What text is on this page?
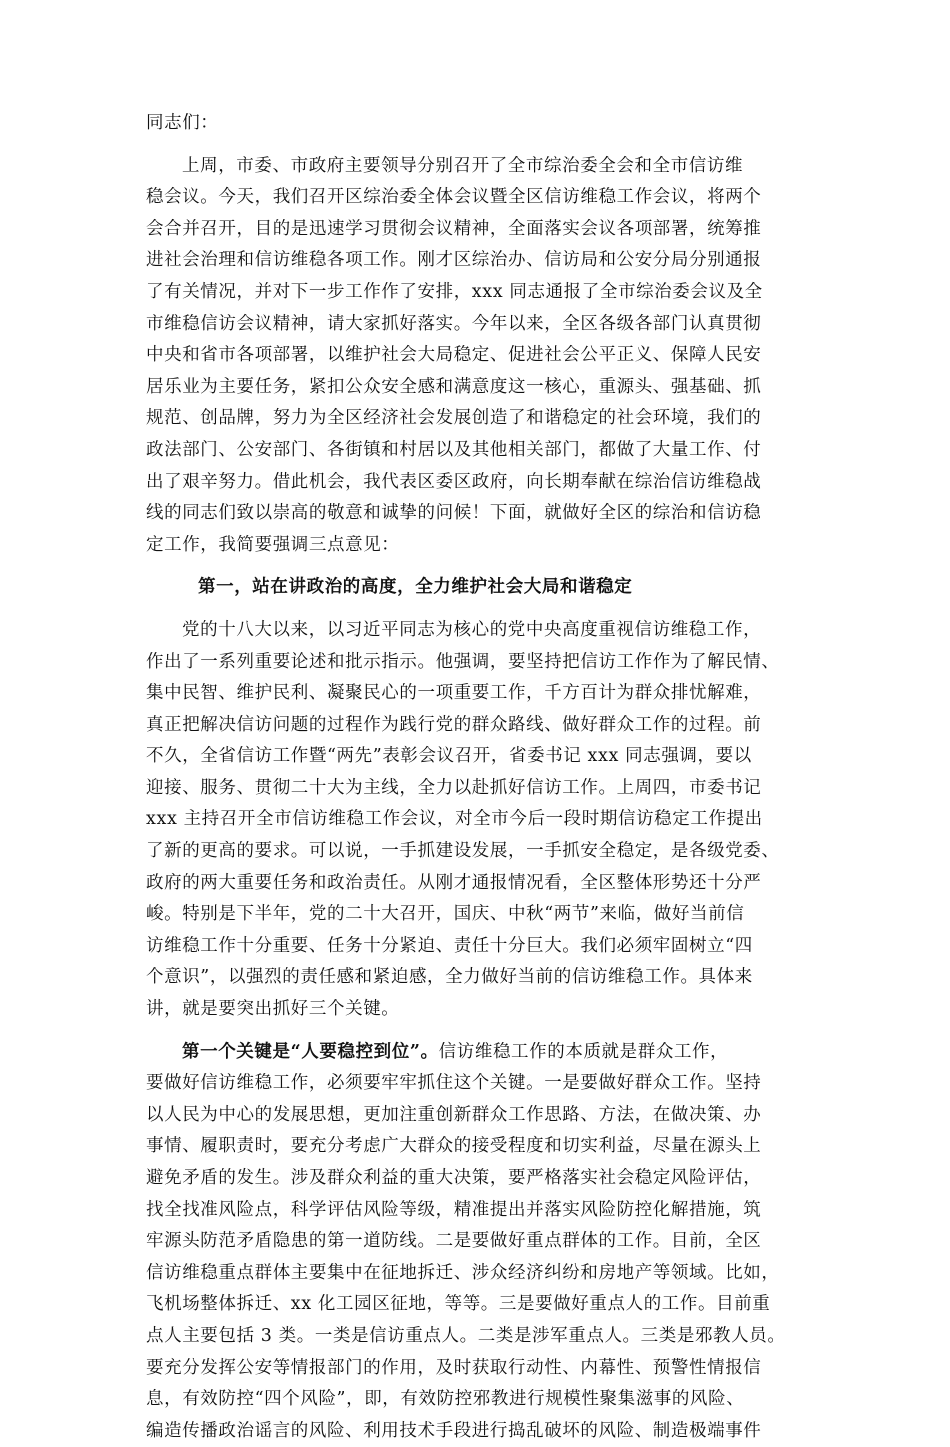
同志们：
上周，市委、市政府主要领导分别召开了全市综治委全会和全市信访维
稳会议。今天，我们召开区综治委全体会议暨全区信访维稳工作会议，将两个
会合并召开，目的是迅速学习贯彻会议精神，全面落实会议各项部署，统筹推
进社会治理和信访维稳各项工作。刚才区综治办、信访局和公安分局分别通报
了有关情况，并对下一步工作作了安排，xxx 同志通报了全市综治委会议及全
市维稳信访会议精神，请大家抓好落实。今年以来，全区各级各部门认真贯彻
中央和省市各项部署，以维护社会大局稳定、促进社会公平正义、保障人民安
居乐业为主要任务，紧扣公众安全感和满意度这一核心，重源头、强基础、抓
规范、创品牌，努力为全区经济社会发展创造了和谐稳定的社会环境，我们的
政法部门、公安部门、各街镇和村居以及其他相关部门，都做了大量工作、付
出了艰辛努力。借此机会，我代表区委区政府，向长期奉献在综治信访维稳战
线的同志们致以崇高的敬意和诚挚的问候！下面，就做好全区的综治和信访稳
定工作，我简要强调三点意见：
第一，站在讲政治的高度，全力维护社会大局和谐稳定
党的十八大以来，以习近平同志为核心的党中央高度重视信访维稳工作，
作出了一系列重要论述和批示指示。他强调，要坚持把信访工作作为了解民情、
集中民智、维护民利、凝聚民心的一项重要工作，千方百计为群众排忧解难，
真正把解决信访问题的过程作为践行党的群众路线、做好群众工作的过程。前
不久，全省信访工作暨“两先”表彰会议召开，省委书记 xxx 同志强调，要以
迎接、服务、贯彻二十大为主线，全力以赴抓好信访工作。上周四，市委书记
xxx 主持召开全市信访维稳工作会议，对全市今后一段时期信访稳定工作提出
了新的更高的要求。可以说，一手抓建设发展，一手抓安全稳定，是各级党委、
政府的两大重要任务和政治责任。从刚才通报情况看，全区整体形势还十分严
峻。特别是下半年，党的二十大召开，国庆、中秋“两节”来临，做好当前信
访维稳工作十分重要、任务十分紧迫、责任十分巨大。我们必须牢固树立“四
个意识”，以强烈的责任感和紧迫感，全力做好当前的信访维稳工作。具体来
讲，就是要突出抓好三个关键。
第一个关键是“人要稳控到位”。信访维稳工作的本质就是群众工作，
要做好信访维稳工作，必须要牢牢抓住这个关键。一是要做好群众工作。坚持
以人民为中心的发展思想，更加注重创新群众工作思路、方法，在做决策、办
事情、履职责时，要充分考虑广大群众的接受程度和切实利益，尽量在源头上
避免矛盾的发生。涉及群众利益的重大决策，要严格落实社会稳定风险评估，
找全找准风险点，科学评估风险等级，精准提出并落实风险防控化解措施，筑
牢源头防范矛盾隐患的第一道防线。二是要做好重点群体的工作。目前，全区
信访维稳重点群体主要集中在征地拆迁、涉众经济纠纷和房地产等领域。比如，
飞机场整体拆迁、xx 化工园区征地，等等。三是要做好重点人的工作。目前重
点人主要包括 3 类。一类是信访重点人。二类是涉军重点人。三类是邪教人员。
要充分发挥公安等情报部门的作用，及时获取行动性、内幕性、预警性情报信
息，有效防控“四个风险”，即，有效防控邪教进行规模性聚集滋事的风险、
编造传播政治谣言的风险、利用技术手段进行捣乱破坏的风险、制造极端事件
